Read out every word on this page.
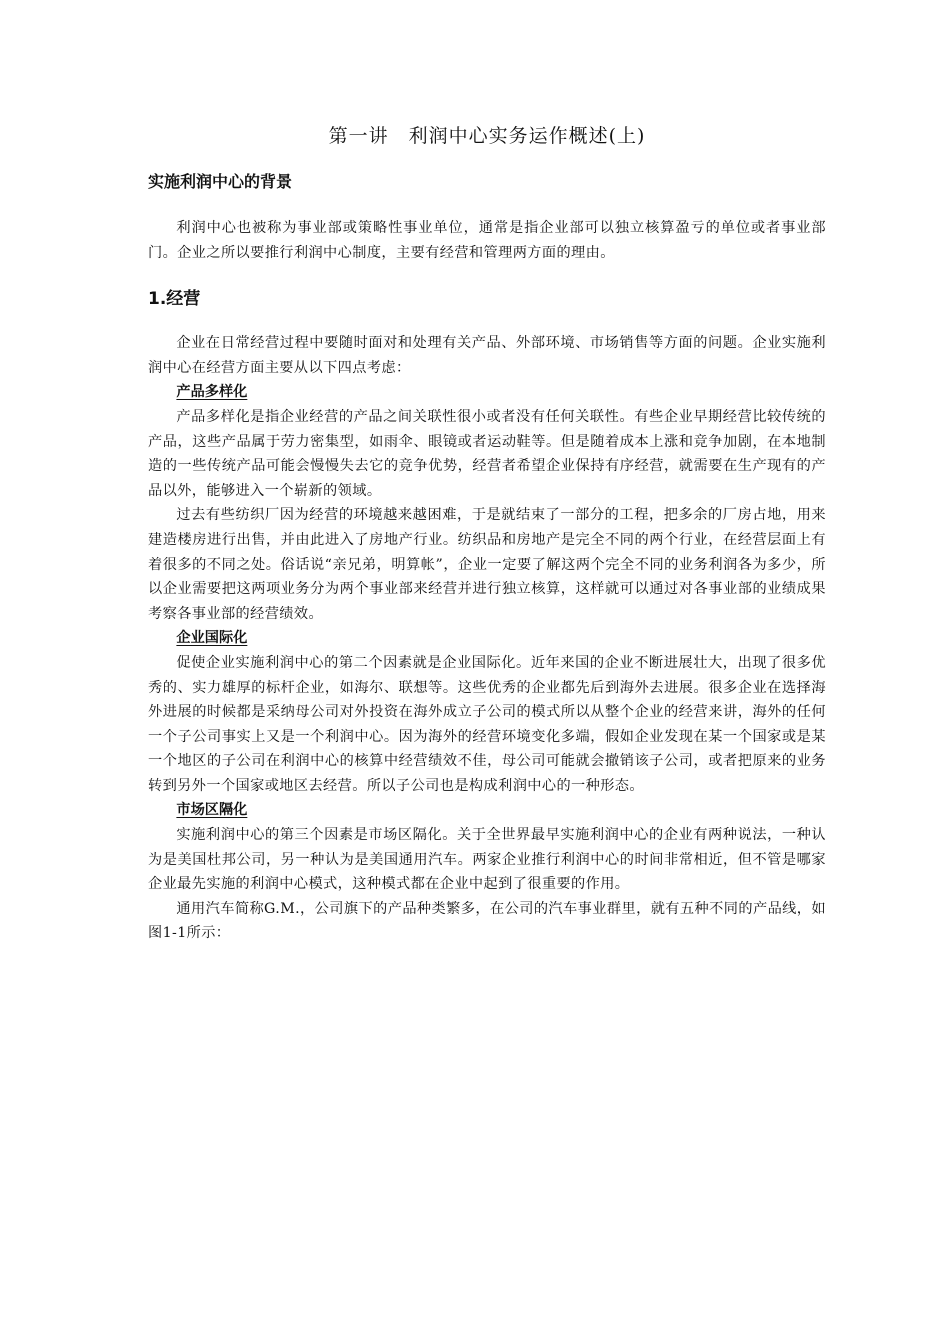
第一讲　利润中心实务运作概述(上)
实施利润中心的背景

利润中心也被称为事业部或策略性事业单位，通常是指企业部可以独立核算盈亏的单位或者事业部门。企业之所以要推行利润中心制度，主要有经营和管理两方面的理由。

1.经营

企业在日常经营过程中要随时面对和处理有关产品、外部环境、市场销售等方面的问题。企业实施利润中心在经营方面主要从以下四点考虑：

产品多样化

产品多样化是指企业经营的产品之间关联性很小或者没有任何关联性。有些企业早期经营比较传统的产品，这些产品属于劳力密集型，如雨伞、眼镜或者运动鞋等。但是随着成本上涨和竞争加剧，在本地制造的一些传统产品可能会慢慢失去它的竞争优势，经营者希望企业保持有序经营，就需要在生产现有的产品以外，能够进入一个崭新的领域。

过去有些纺织厂因为经营的环境越来越困难，于是就结束了一部分的工程，把多余的厂房占地，用来建造楼房进行出售，并由此进入了房地产行业。纺织品和房地产是完全不同的两个行业，在经营层面上有着很多的不同之处。俗话说“亲兄弟，明算帐”，企业一定要了解这两个完全不同的业务利润各为多少，所以企业需要把这两项业务分为两个事业部来经营并进行独立核算，这样就可以通过对各事业部的业绩成果考察各事业部的经营绩效。

企业国际化

促使企业实施利润中心的第二个因素就是企业国际化。近年来国的企业不断进展壮大，出现了很多优秀的、实力雄厚的标杆企业，如海尔、联想等。这些优秀的企业都先后到海外去进展。很多企业在选择海外进展的时候都是采纳母公司对外投资在海外成立子公司的模式所以从整个企业的经营来讲，海外的任何一个子公司事实上又是一个利润中心。因为海外的经营环境变化多端，假如企业发现在某一个国家或是某一个地区的子公司在利润中心的核算中经营绩效不佳，母公司可能就会撤销该子公司，或者把原来的业务转到另外一个国家或地区去经营。所以子公司也是构成利润中心的一种形态。

市场区隔化

实施利润中心的第三个因素是市场区隔化。关于全世界最早实施利润中心的企业有两种说法，一种认为是美国杜邦公司，另一种认为是美国通用汽车。两家企业推行利润中心的时间非常相近，但不管是哪家企业最先实施的利润中心模式，这种模式都在企业中起到了很重要的作用。

通用汽车简称G.M.，公司旗下的产品种类繁多，在公司的汽车事业群里，就有五种不同的产品线，如图1-1所示：
